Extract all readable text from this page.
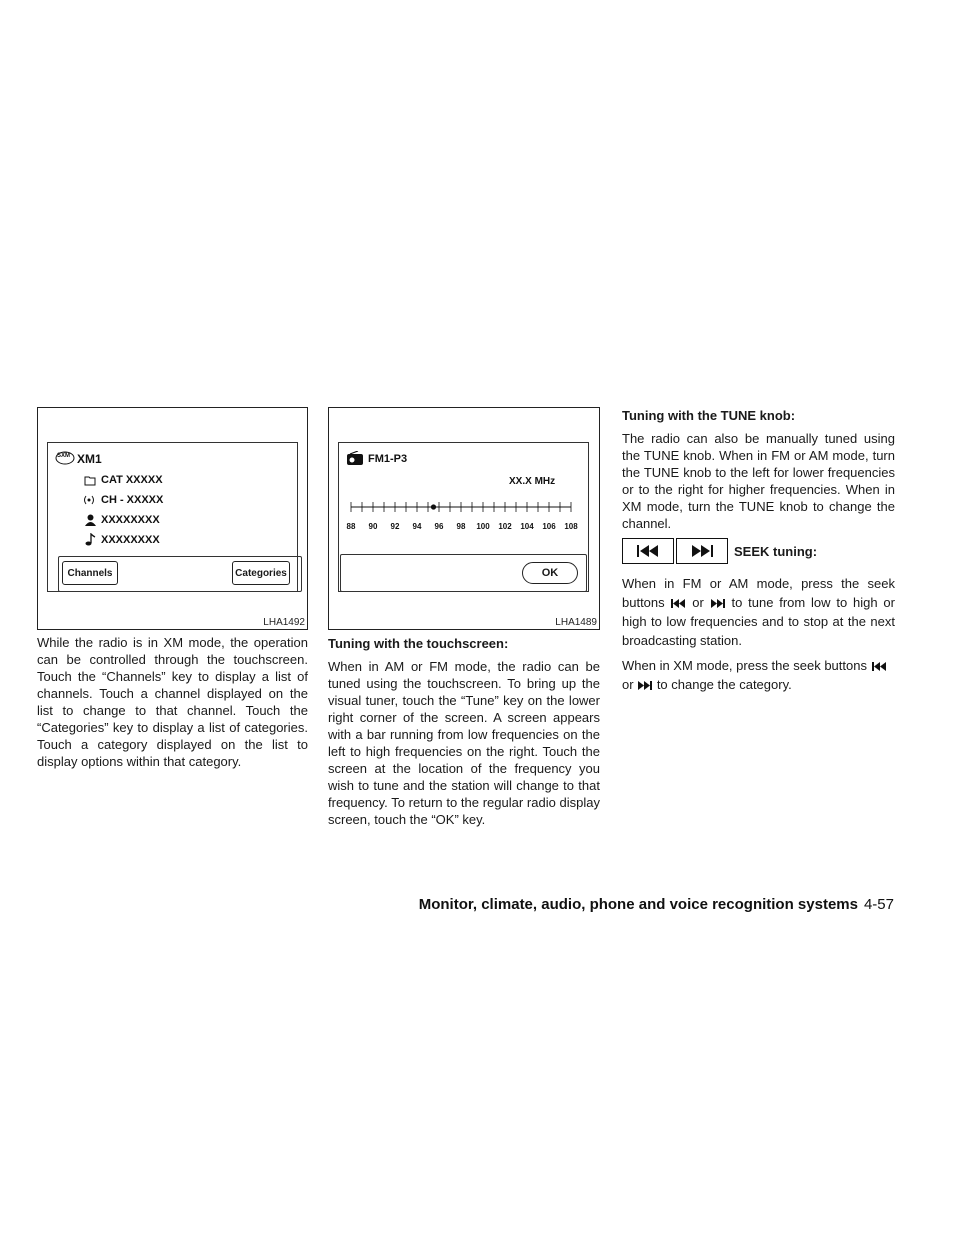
SXM XM1
CAT XXXXX
CH - XXXXX
XXXXXXXX
XXXXXXXX
Channels	Categories
LHA1492
FM1-P3
XX.X MHz
88 90 92 94 96 98 100 102 104 106 108
OK
LHA1489

While the radio is in XM mode, the operation can be controlled through the touchscreen. Touch the “Channels” key to display a list of channels. Touch a channel displayed on the list to change to that channel. Touch the “Categories” key to display a list of categories. Touch a category displayed on the list to display options within that category.

Tuning with the touchscreen:

When in AM or FM mode, the radio can be tuned using the touchscreen. To bring up the visual tuner, touch the “Tune” key on the lower right corner of the screen. A screen appears with a bar running from low frequencies on the left to high frequencies on the right. Touch the screen at the location of the frequency you wish to tune and the station will change to that frequency. To return to the regular radio display screen, touch the “OK” key.

Tuning with the TUNE knob:

The radio can also be manually tuned using the TUNE knob. When in FM or AM mode, turn the TUNE knob to the left for lower frequencies or to the right for higher frequencies. When in XM mode, turn the TUNE knob to change the channel.

SEEK tuning:

When in FM or AM mode, press the seek buttons or to tune from low to high or high to low frequencies and to stop at the next broadcasting station.

When in XM mode, press the seek buttons
or to change the category.

Monitor, climate, audio, phone and voice recognition systems 4-57
